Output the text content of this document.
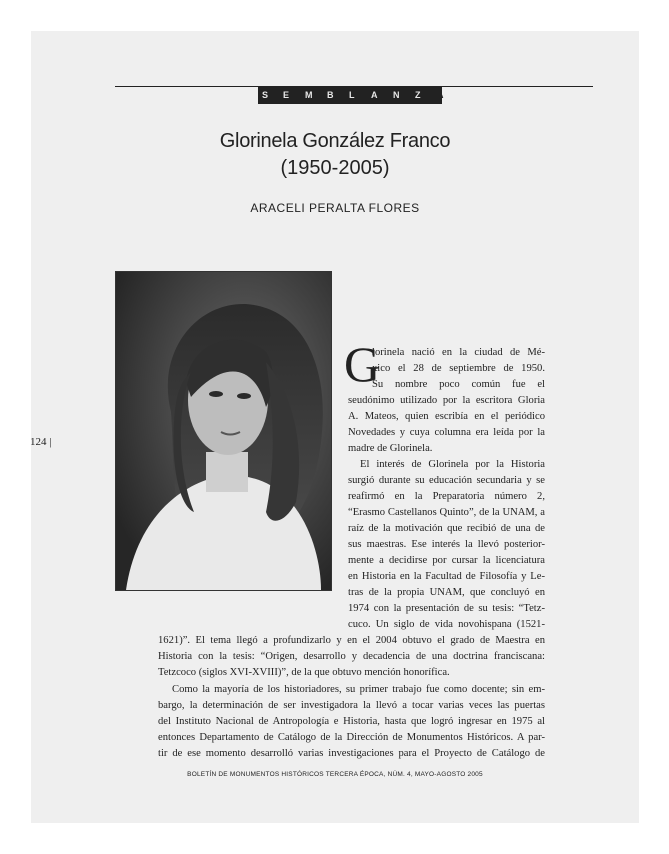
S E M B L A N Z A
Glorinela González Franco
(1950-2005)
ARACELI PERALTA FLORES
124 |
G
lorinela nació en la ciudad de Mé-
xico el 28 de septiembre de 1950.
Su nombre poco común fue el
seudónimo utilizado por la escritora Gloria
A. Mateos, quien escribía en el periódico
Novedades y cuya columna era leída por la
madre de Glorinela.
El interés de Glorinela por la Historia
surgió durante su educación secundaria y se
reafirmó en la Preparatoria número 2,
“Erasmo Castellanos Quinto”, de la UNAM, a
raíz de la motivación que recibió de una de
sus maestras. Ese interés la llevó posterior-
mente a decidirse por cursar la licenciatura
en Historia en la Facultad de Filosofía y Le-
tras de la propia UNAM, que concluyó en
1974 con la presentación de su tesis: “Tetz-
cuco. Un siglo de vida novohispana (1521-
1621)”. El tema llegó a profundizarlo y en el 2004 obtuvo el grado de Maestra en
Historia con la tesis: “Origen, desarrollo y decadencia de una doctrina franciscana:
Tetzcoco (siglos XVI-XVIII)”, de la que obtuvo mención honorífica.
Como la mayoría de los historiadores, su primer trabajo fue como docente; sin em-
bargo, la determinación de ser investigadora la llevó a tocar varias veces las puertas
del Instituto Nacional de Antropología e Historia, hasta que logró ingresar en 1975 al
entonces Departamento de Catálogo de la Dirección de Monumentos Históricos. A par-
tir de ese momento desarrolló varias investigaciones para el Proyecto de Catálogo de
BOLETÍN DE MONUMENTOS HISTÓRICOS TERCERA ÉPOCA, NÚM. 4, MAYO-AGOSTO 2005
